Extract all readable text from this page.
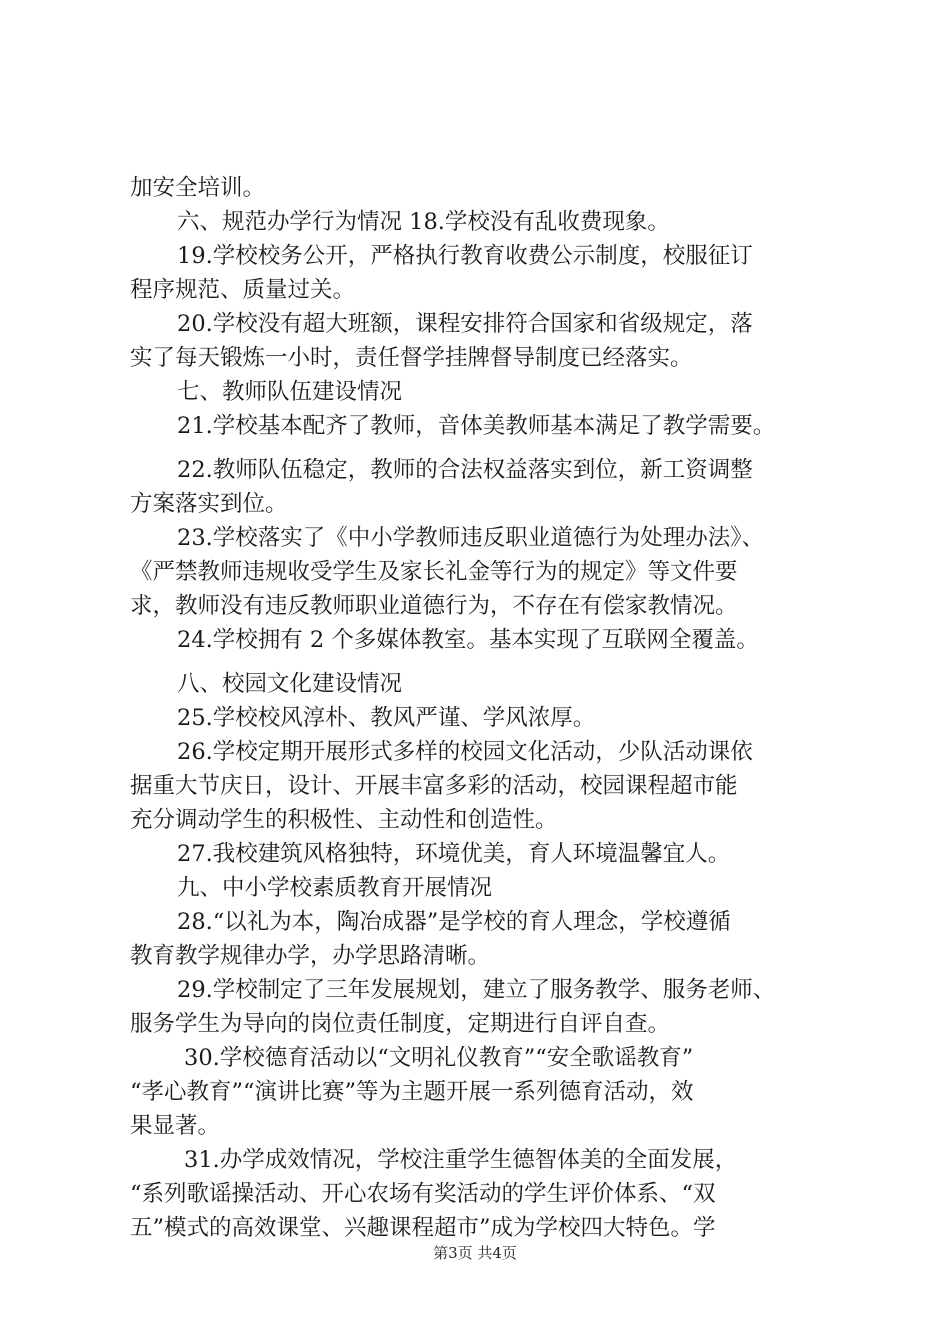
加安全培训。
六、规范办学行为情况 18.学校没有乱收费现象。
19.学校校务公开，严格执行教育收费公示制度，校服征订
程序规范、质量过关。
20.学校没有超大班额，课程安排符合国家和省级规定，落
实了每天锻炼一小时，责任督学挂牌督导制度已经落实。
七、教师队伍建设情况
21.学校基本配齐了教师，音体美教师基本满足了教学需要。
22.教师队伍稳定，教师的合法权益落实到位，新工资调整
方案落实到位。
23.学校落实了《中小学教师违反职业道德行为处理办法》、
《严禁教师违规收受学生及家长礼金等行为的规定》等文件要
求，教师没有违反教师职业道德行为，不存在有偿家教情况。
24.学校拥有 2 个多媒体教室。基本实现了互联网全覆盖。
八、校园文化建设情况
25.学校校风淳朴、教风严谨、学风浓厚。
26.学校定期开展形式多样的校园文化活动，少队活动课依
据重大节庆日，设计、开展丰富多彩的活动，校园课程超市能
充分调动学生的积极性、主动性和创造性。
27.我校建筑风格独特，环境优美，育人环境温馨宜人。
九、中小学校素质教育开展情况
28.“以礼为本，陶冶成器”是学校的育人理念，学校遵循
教育教学规律办学，办学思路清晰。
29.学校制定了三年发展规划，建立了服务教学、服务老师、
服务学生为导向的岗位责任制度，定期进行自评自查。
30.学校德育活动以“文明礼仪教育”“安全歌谣教育”
“孝心教育”“演讲比赛”等为主题开展一系列德育活动，效
果显著。
31.办学成效情况，学校注重学生德智体美的全面发展，
“系列歌谣操活动、开心农场有奖活动的学生评价体系、“双
五”模式的高效课堂、兴趣课程超市”成为学校四大特色。学
第3页 共4页
